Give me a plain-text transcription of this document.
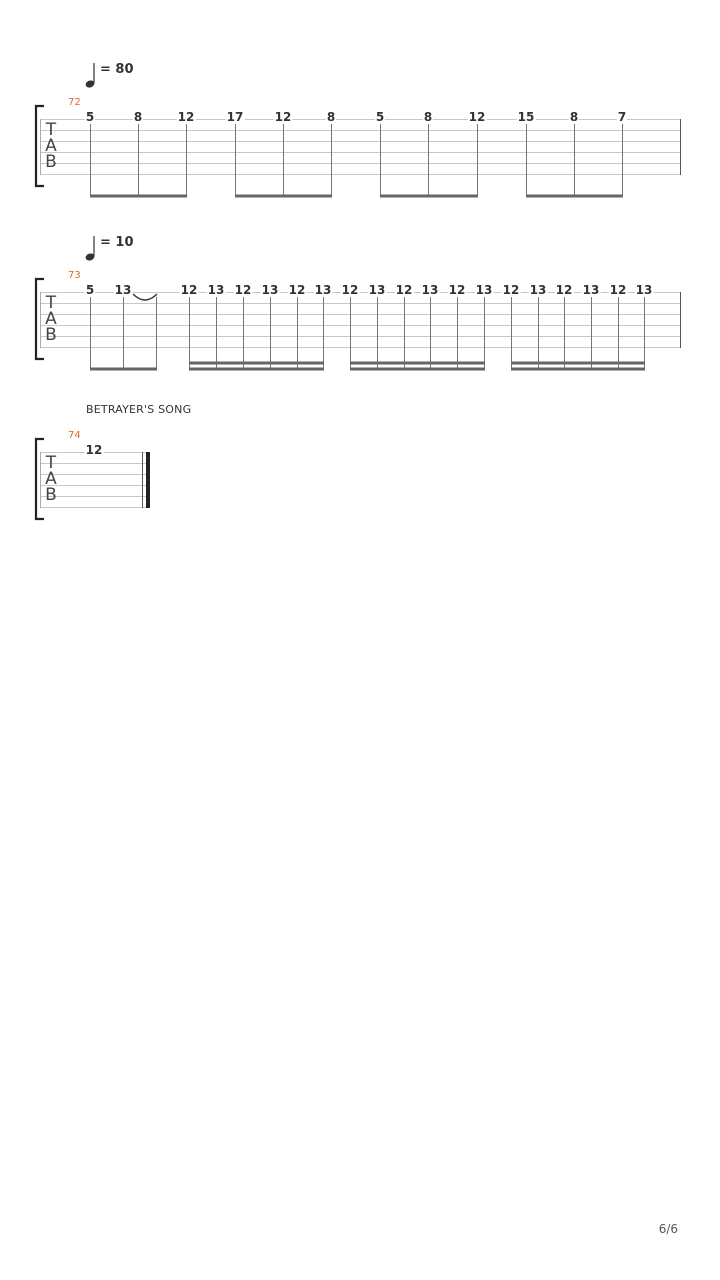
= 80
72
T
A
B
5	8	12	17	12	8	5	8	12	15	8	7
= 10
73
T
A
B
5 13	12 13 12 13 12 13 12 13 12 13 12 13 12 13 12 13 12 13
BETRAYER'S SONG
74
T
A
B
12
6/6
